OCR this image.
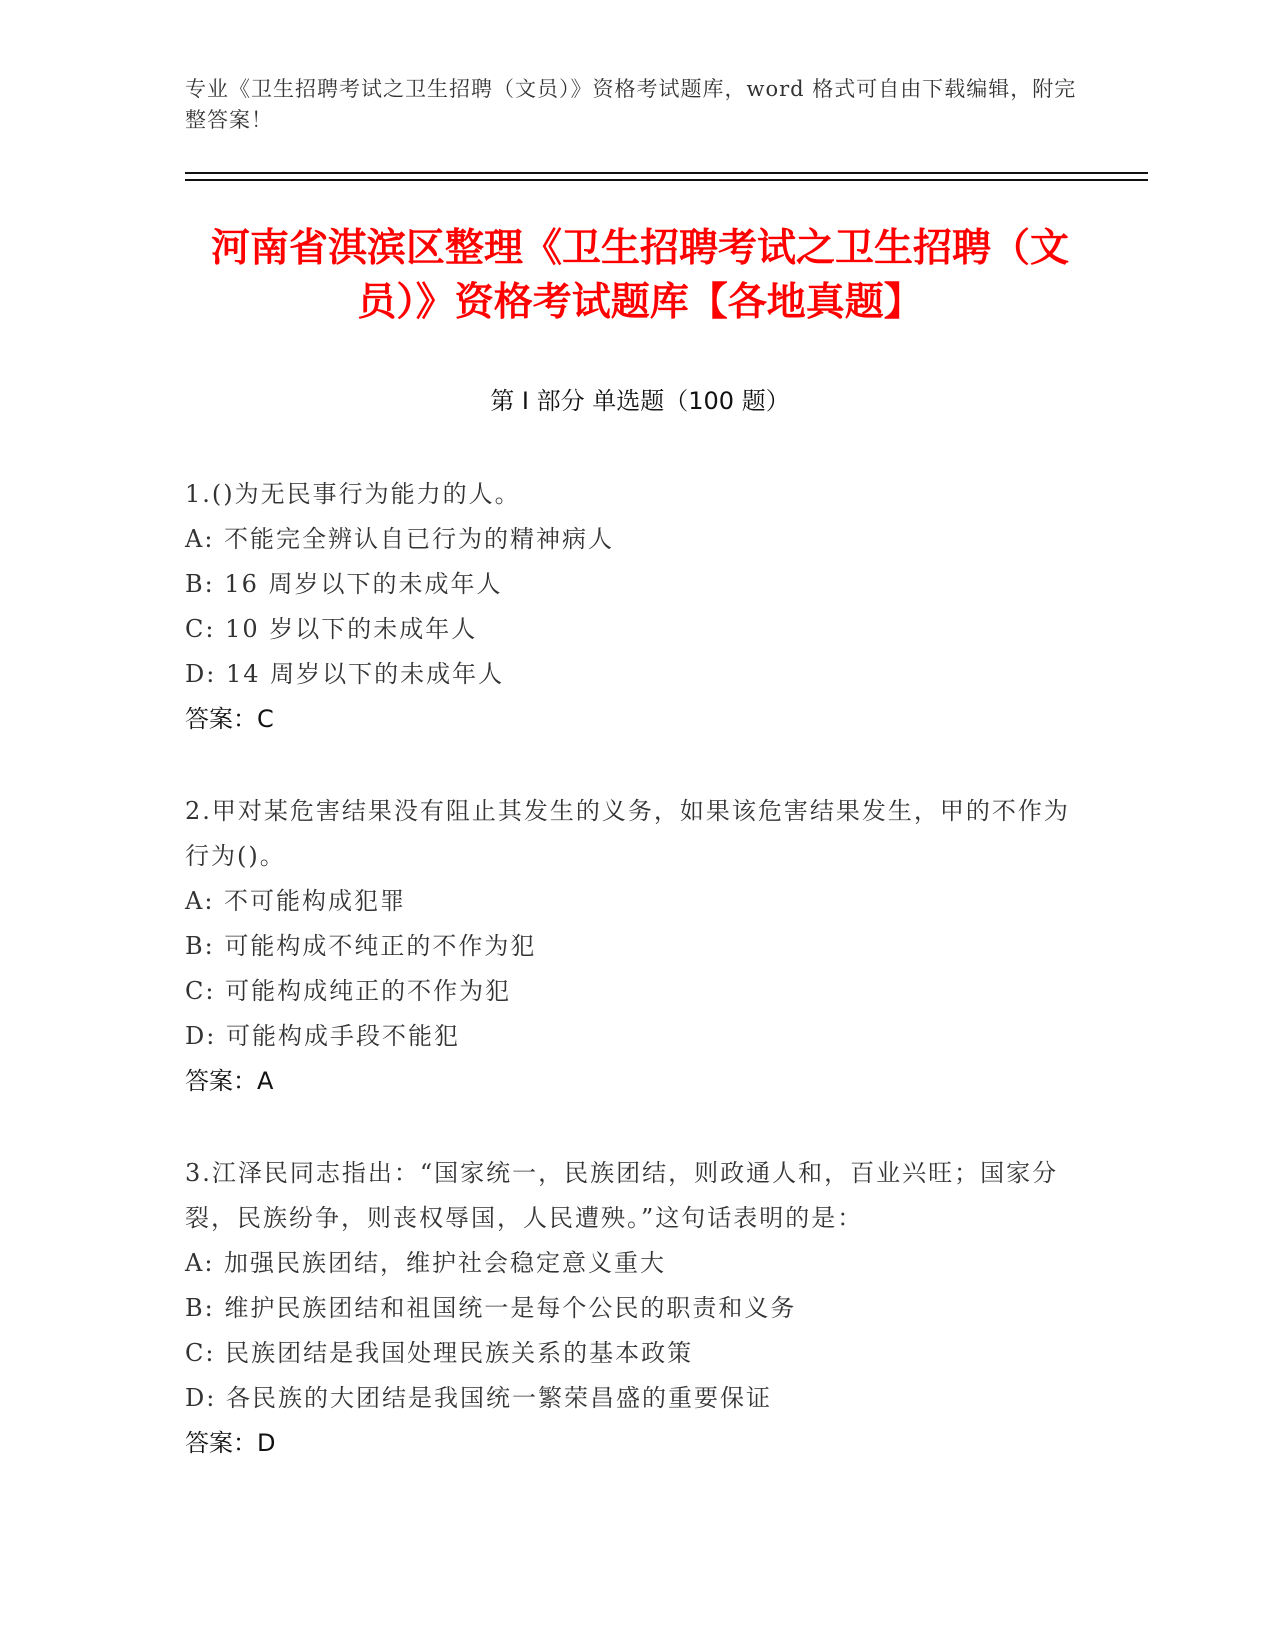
专业《卫生招聘考试之卫生招聘（文员）》资格考试题库，word 格式可自由下载编辑，附完整答案！
河南省淇滨区整理《卫生招聘考试之卫生招聘（文员）》资格考试题库【各地真题】
第 I 部分 单选题（100 题）

1.()为无民事行为能力的人。

A: 不能完全辨认自已行为的精神病人

B: 16 周岁以下的未成年人

C: 10 岁以下的未成年人

D: 14 周岁以下的未成年人

答案：C

2.甲对某危害结果没有阻止其发生的义务，如果该危害结果发生，甲的不作为行为()。

A: 不可能构成犯罪

B: 可能构成不纯正的不作为犯

C: 可能构成纯正的不作为犯

D: 可能构成手段不能犯

答案：A

3.江泽民同志指出：“国家统一，民族团结，则政通人和，百业兴旺；国家分裂，民族纷争，则丧权辱国，人民遭殃。”这句话表明的是：

A: 加强民族团结，维护社会稳定意义重大

B: 维护民族团结和祖国统一是每个公民的职责和义务

C: 民族团结是我国处理民族关系的基本政策

D: 各民族的大团结是我国统一繁荣昌盛的重要保证

答案：D
